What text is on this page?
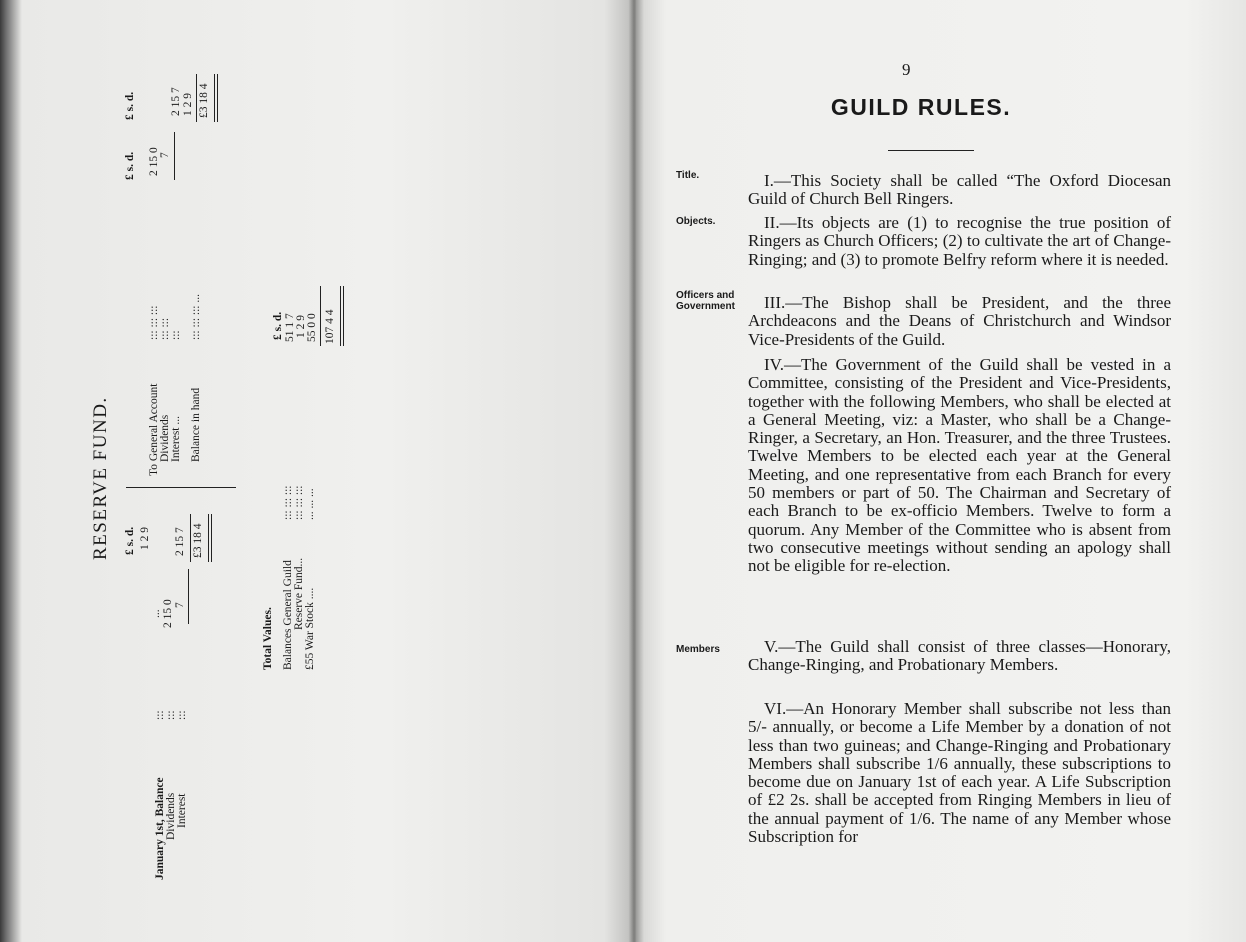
RESERVE FUND. £ s. d.
January 1st, Balance
:::
...
1 2 9
Dividends
:::
2 15 0
Interest
:::
7
2 15 7 £3 18 4
To General Account
::: ::: :::
Dividends
::: :::
Interest ...
:::
Balance in hand
::: ::: ::: ...
£ s. d.
£ s. d.
2 15 0 7
2 15 7 1 2 9 £3 18 4
Total Values. Balances General Guild
::: ::: :::
Reserve Fund...
::: ::: :::
£55 War Stock ....
... ... ...
£ s. d. 51 1 7 1 2 9 55 0 0 107 4 4
9
GUILD RULES.
Title.
Objects.
Officers and Government
Members

I.—This Society shall be called “The Oxford Diocesan Guild of Church Bell Ringers.

II.—Its objects are (1) to recognise the true position of Ringers as Church Officers; (2) to cultivate the art of Change-Ringing; and (3) to promote Belfry reform where it is needed.

III.—The Bishop shall be President, and the three Archdeacons and the Deans of Christchurch and Windsor Vice-Presidents of the Guild.

IV.—The Government of the Guild shall be vested in a Committee, consisting of the President and Vice-Presidents, together with the following Members, who shall be elected at a General Meeting, viz: a Master, who shall be a Change-Ringer, a Secretary, an Hon. Treasurer, and the three Trustees. Twelve Members to be elected each year at the General Meeting, and one representative from each Branch for every 50 members or part of 50. The Chairman and Secretary of each Branch to be ex-officio Members. Twelve to form a quorum. Any Member of the Committee who is absent from two consecutive meetings without sending an apology shall not be eligible for re-election.

V.—The Guild shall consist of three classes—Honorary, Change-Ringing, and Probationary Members.

VI.—An Honorary Member shall subscribe not less than 5/- annually, or become a Life Member by a donation of not less than two guineas; and Change-Ringing and Probationary Members shall subscribe 1/6 annually, these subscriptions to become due on January 1st of each year. A Life Subscription of £2 2s. shall be accepted from Ringing Members in lieu of the annual payment of 1/6. The name of any Member whose Subscription for
